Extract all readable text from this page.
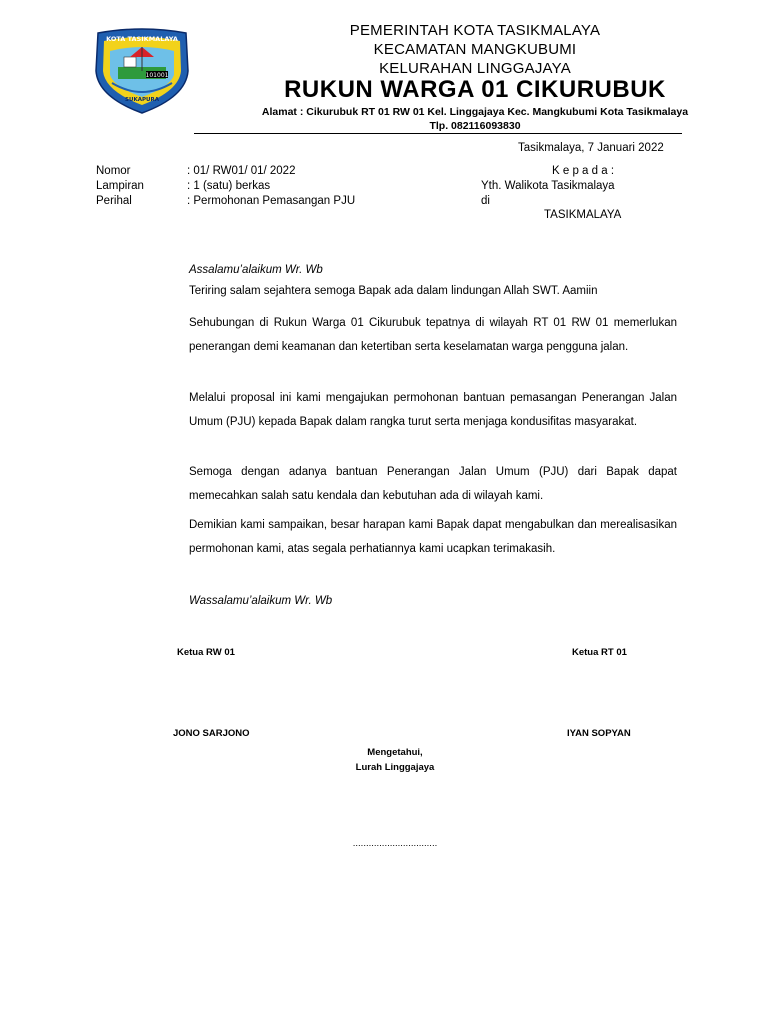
101001
KOTA TASIKMALAYA
SUKAPURA
PEMERINTAH KOTA TASIKMALAYA
KECAMATAN MANGKUBUMI
KELURAHAN LINGGAJAYA
RUKUN WARGA 01 CIKURUBUK
Alamat : Cikurubuk RT 01 RW 01 Kel. Linggajaya Kec. Mangkubumi Kota Tasikmalaya
Tlp. 082116093830
Tasikmalaya, 7 Januari 2022
Nomor	: 01/ RW01/ 01/ 2022
Lampiran	: 1 (satu) berkas
Perihal	: Permohonan Pemasangan PJU
K e p a d a :
Yth. Walikota Tasikmalaya
di
TASIKMALAYA
Assalamu’alaikum Wr. Wb
Teriring salam sejahtera semoga Bapak ada dalam lindungan Allah SWT. Aamiin
Sehubungan di Rukun Warga 01 Cikurubuk tepatnya di wilayah RT 01 RW 01 memerlukan penerangan demi keamanan dan ketertiban serta keselamatan warga pengguna jalan.
Melalui proposal ini kami mengajukan permohonan bantuan pemasangan Penerangan Jalan Umum (PJU) kepada Bapak dalam rangka turut serta menjaga kondusifitas masyarakat.
Semoga dengan adanya bantuan Penerangan Jalan Umum (PJU) dari Bapak dapat memecahkan salah satu kendala dan kebutuhan ada di wilayah kami.
Demikian kami sampaikan, besar harapan kami Bapak dapat mengabulkan dan merealisasikan permohonan kami, atas segala perhatiannya kami ucapkan terimakasih.
Wassalamu’alaikum Wr. Wb
Ketua RW 01	Ketua RT 01
JONO SARJONO	IYAN SOPYAN
Mengetahui,
Lurah Linggajaya
................................
